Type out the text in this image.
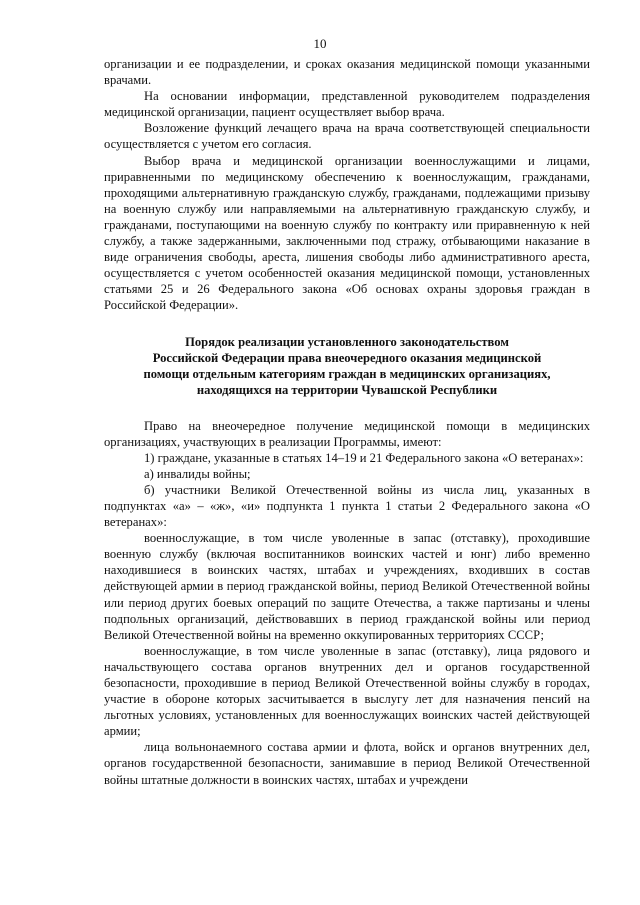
10

организации и ее подразделении, и сроках оказания медицинской помощи указанными врачами.

На основании информации, представленной руководителем подразделения медицинской организации, пациент осуществляет выбор врача.

Возложение функций лечащего врача на врача соответствующей специальности осуществляется с учетом его согласия.

Выбор врача и медицинской организации военнослужащими и лицами, приравненными по медицинскому обеспечению к военнослужащим, гражданами, проходящими альтернативную гражданскую службу, гражданами, подлежащими призыву на военную службу или направляемыми на альтернативную гражданскую службу, и гражданами, поступающими на военную службу по контракту или приравненную к ней службу, а также задержанными, заключенными под стражу, отбывающими наказание в виде ограничения свободы, ареста, лишения свободы либо административного ареста, осуществляется с учетом особенностей оказания медицинской помощи, установленных статьями 25 и 26 Федерального закона «Об основах охраны здоровья граждан в Российской Федерации».

Порядок реализации установленного законодательством
Российской Федерации права внеочередного оказания медицинской
помощи отдельным категориям граждан в медицинских организациях,
находящихся на территории Чувашской Республики

Право на внеочередное получение медицинской помощи в медицинских организациях, участвующих в реализации Программы, имеют:

1) граждане, указанные в статьях 14–19 и 21 Федерального закона «О ветеранах»:

а) инвалиды войны;

б) участники Великой Отечественной войны из числа лиц, указанных в подпунктах «а» – «ж», «и» подпункта 1 пункта 1 статьи 2 Федерального закона «О ветеранах»:

военнослужащие, в том числе уволенные в запас (отставку), проходившие военную службу (включая воспитанников воинских частей и юнг) либо временно находившиеся в воинских частях, штабах и учреждениях, входивших в состав действующей армии в период гражданской войны, период Великой Отечественной войны или период других боевых операций по защите Отечества, а также партизаны и члены подпольных организаций, действовавших в период гражданской войны или период Великой Отечественной войны на временно оккупированных территориях СССР;

военнослужащие, в том числе уволенные в запас (отставку), лица рядового и начальствующего состава органов внутренних дел и органов государственной безопасности, проходившие в период Великой Отечественной войны службу в городах, участие в обороне которых засчитывается в выслугу лет для назначения пенсий на льготных условиях, установленных для военнослужащих воинских частей действующей армии;

лица вольнонаемного состава армии и флота, войск и органов внутренних дел, органов государственной безопасности, занимавшие в период Великой Отечественной войны штатные должности в воинских частях, штабах и учреждени
